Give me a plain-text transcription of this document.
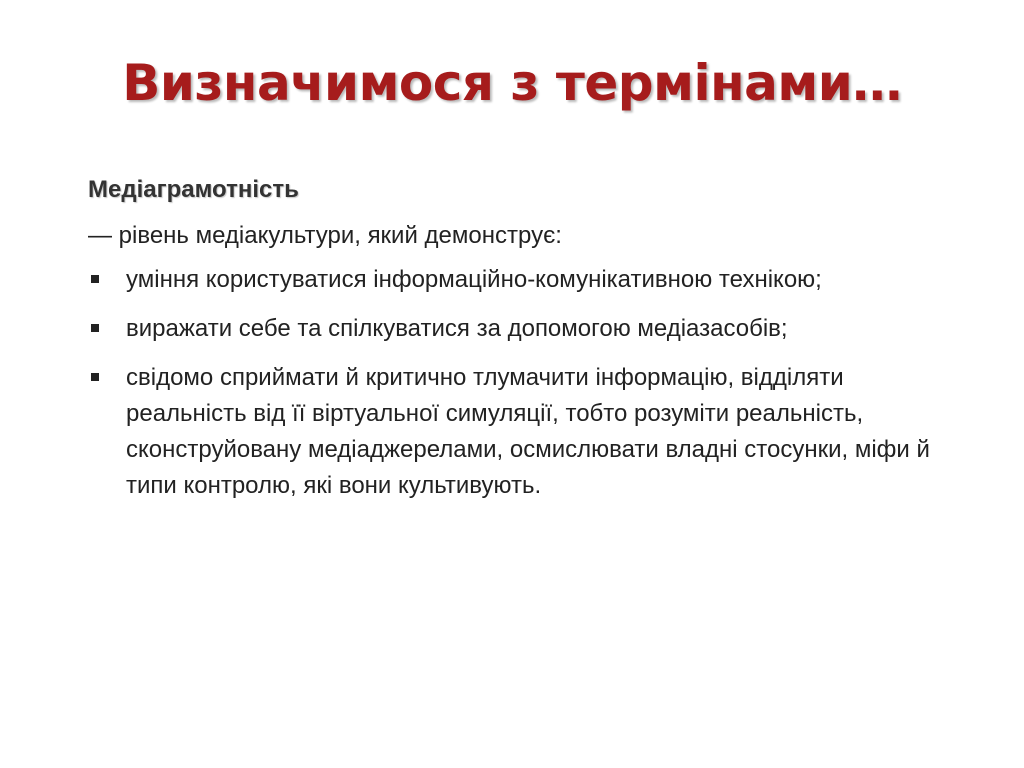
Визначимося з термінами…

Медіаграмотність

— рівень медіакультури, який демонструє:

уміння користуватися інформаційно-комунікативною технікою;
виражати себе та спілкуватися за допомогою медіазасобів;
свідомо сприймати й критично тлумачити інформацію, відділяти реальність від її віртуальної симуляції, тобто розуміти реальність, сконструйовану медіаджерелами, осмислювати владні стосунки, міфи й типи контролю, які вони культивують.
